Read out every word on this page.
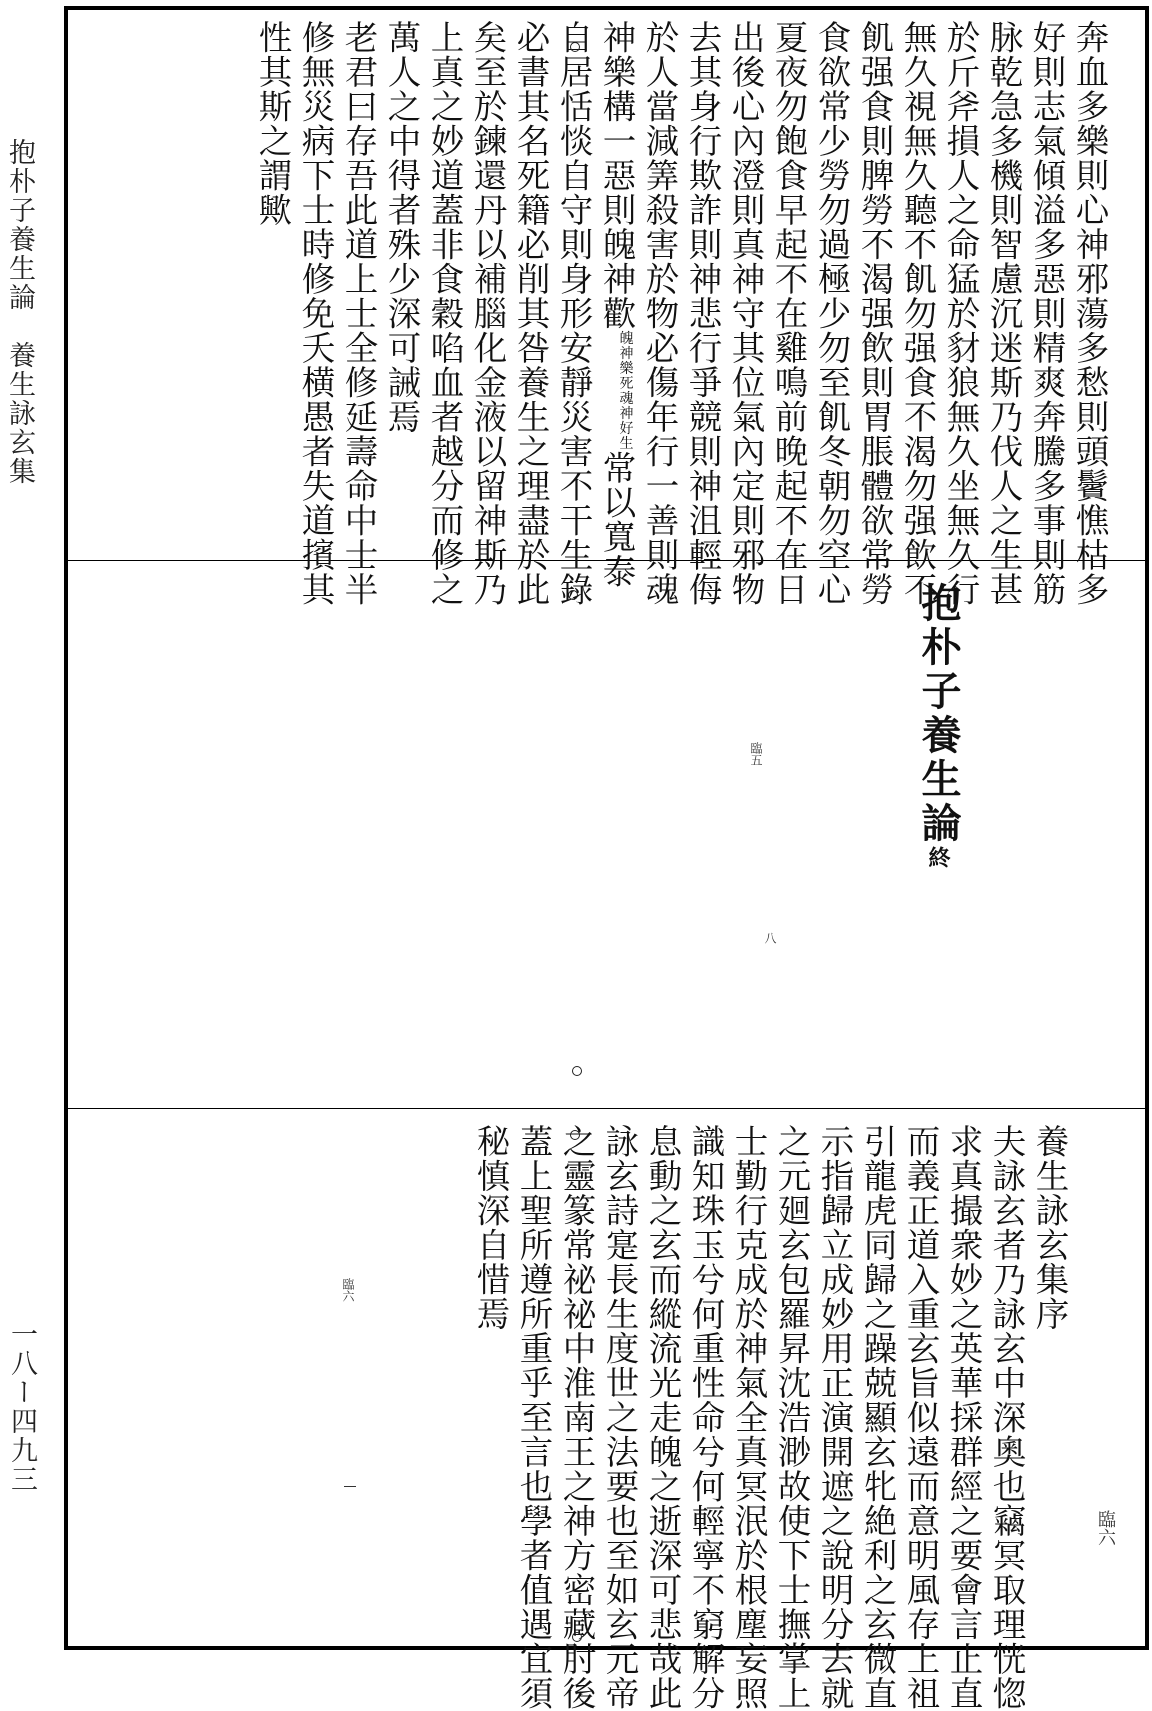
抱朴子養生論　養生詠玄集
一八ー四九三
奔血多樂則心神邪蕩多愁則頭鬢憔枯多
好則志氣傾溢多惡則精爽奔騰多事則筋
脉乾急多機則智慮沉迷斯乃伐人之生甚
於斤斧損人之命猛於豺狼無久坐無久行
無久視無久聽不飢勿强食不渴勿强飲不
飢强食則脾勞不渴强飲則胃脹體欲常勞
食欲常少勞勿過極少勿至飢冬朝勿空心
夏夜勿飽食早起不在雞鳴前晚起不在日
出後心內澄則真神守其位氣內定則邪物
去其身行欺詐則神悲行爭競則神沮輕侮
於人當減筭殺害於物必傷年行一善則魂
神樂構一惡則魄神歡魄神樂死魂神好生常以寬泰
自居恬惔自守則身形安靜災害不干生錄
必書其名死籍必削其咎養生之理盡於此
矣至於鍊還丹以補腦化金液以留神斯乃
上真之妙道蓋非食穀啗血者越分而修之
萬人之中得者殊少深可誡焉
老君曰存吾此道上士全修延壽命中士半
修無災病下士時修免夭横愚者失道擯其
性其斯之謂歟
抱朴子養生論終
臨五
八
養生詠玄集序
夫詠玄者乃詠玄中深奧也竊冥取理恍惚
求真撮衆妙之英華採群經之要會言止直
而義正道入重玄旨似遠而意明風存上祖
引龍虎同歸之躁兢顯玄牝絶利之玄微直
示指歸立成妙用正演開遮之說明分去就
之元廻玄包羅昇沈浩渺故使下士撫掌上
士勤行克成於神氣全真冥泯於根塵妄照
識知珠玉兮何重性命兮何輕寧不窮解分
息動之玄而縱流光走魄之逝深可悲哉此
詠玄詩寔長生度世之法要也至如玄元帝
之靈篆常祕祕中淮南王之神方密藏肘後
蓋上聖所遵所重乎至言也學者值遇宜須
秘慎深自惜焉
臨六
臨六
